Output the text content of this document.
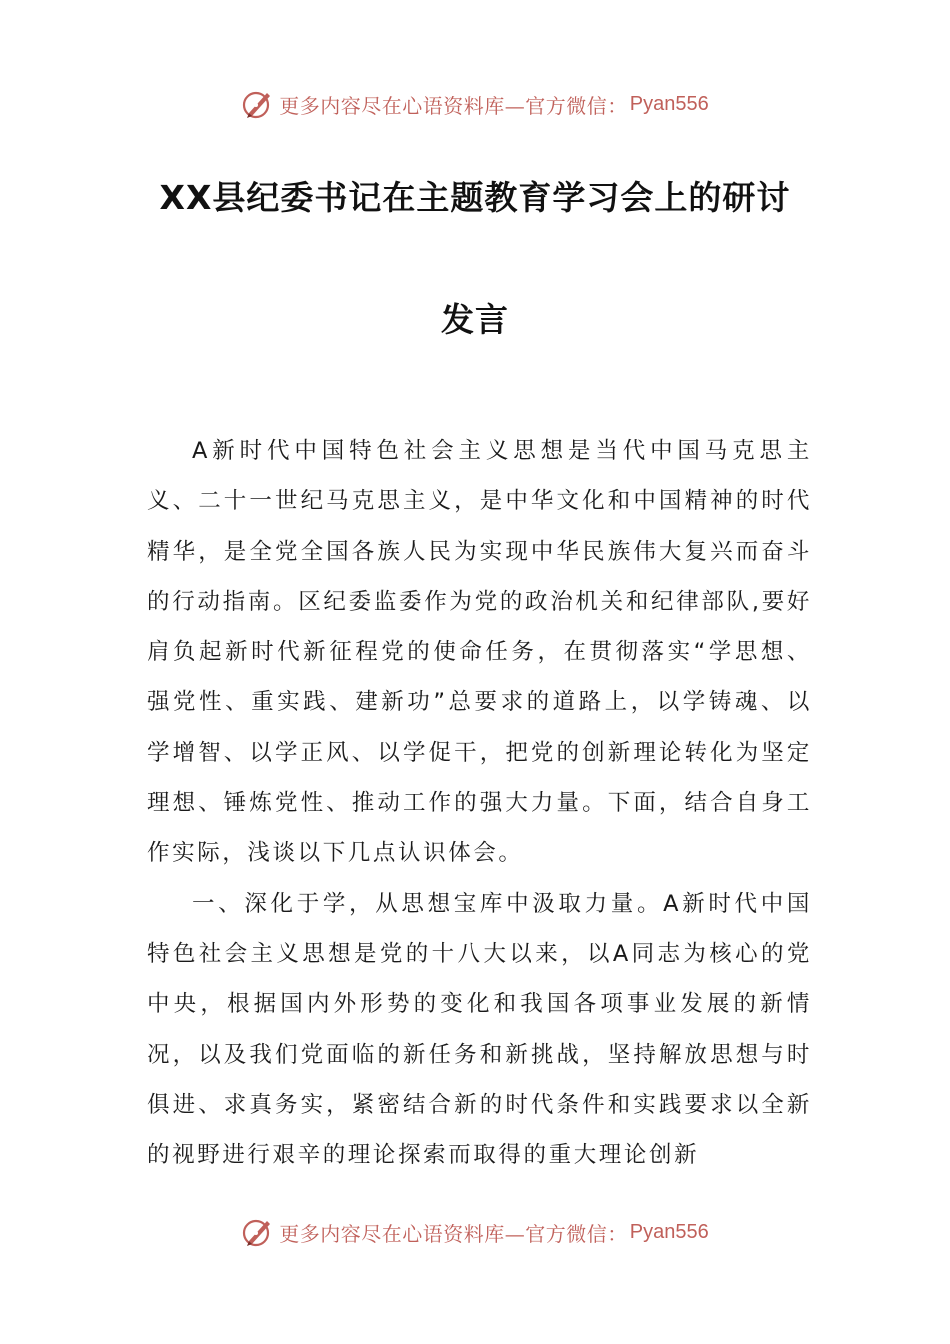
更多内容尽在心语资料库—官方微信： Pyan556
XX县纪委书记在主题教育学习会上的研讨
发言

A新时代中国特色社会主义思想是当代中国马克思主义、二十一世纪马克思主义，是中华文化和中国精神的时代精华，是全党全国各族人民为实现中华民族伟大复兴而奋斗的行动指南。区纪委监委作为党的政治机关和纪律部队,要好肩负起新时代新征程党的使命任务，在贯彻落实“学思想、强党性、重实践、建新功”总要求的道路上，以学铸魂、以学增智、以学正风、以学促干，把党的创新理论转化为坚定理想、锤炼党性、推动工作的强大力量。下面，结合自身工作实际，浅谈以下几点认识体会。

一、深化于学，从思想宝库中汲取力量。A新时代中国特色社会主义思想是党的十八大以来，以A同志为核心的党中央，根据国内外形势的变化和我国各项事业发展的新情况，以及我们党面临的新任务和新挑战，坚持解放思想与时俱进、求真务实，紧密结合新的时代条件和实践要求以全新的视野进行艰辛的理论探索而取得的重大理论创新

更多内容尽在心语资料库—官方微信： Pyan556
